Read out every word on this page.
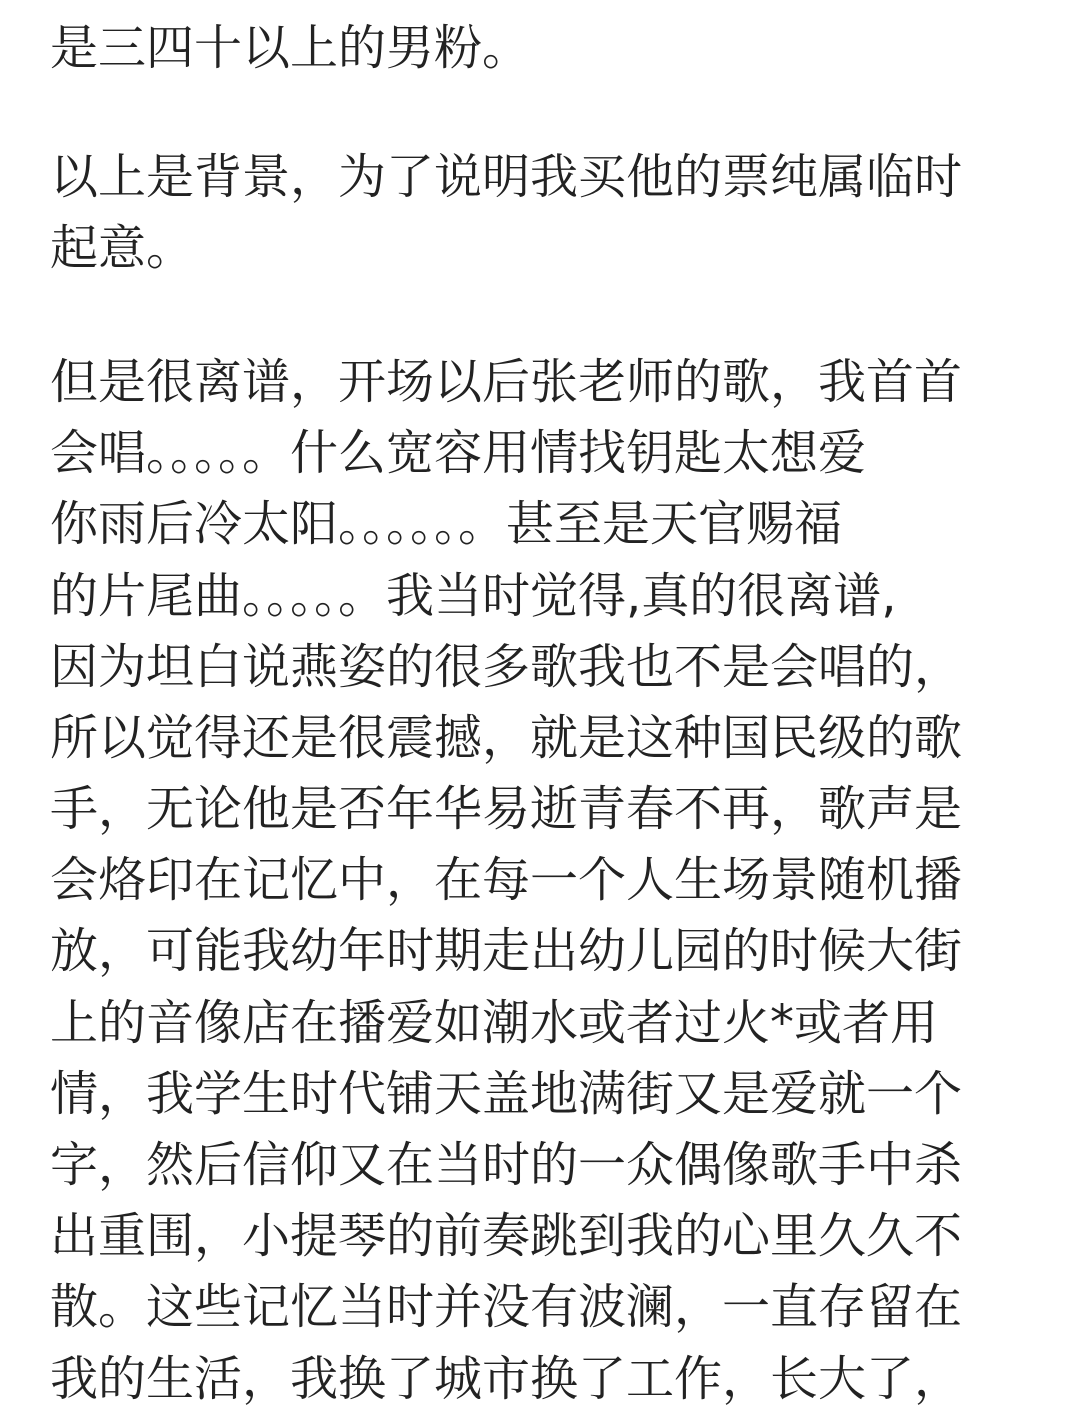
是三四十以上的男粉。
以上是背景，为了说明我买他的票纯属临时
起意。
但是很离谱，开场以后张老师的歌，我首首
会唱。。。。。什么宽容用情找钥匙太想爱
你雨后冷太阳。。。。。。甚至是天官赐福
的片尾曲。。。。。我当时觉得,真的很离谱,
因为坦白说燕姿的很多歌我也不是会唱的，
所以觉得还是很震撼，就是这种国民级的歌
手，无论他是否年华易逝青春不再，歌声是
会烙印在记忆中，在每一个人生场景随机播
放，可能我幼年时期走出幼儿园的时候大街
上的音像店在播爱如潮水或者过火*或者用
情，我学生时代铺天盖地满街又是爱就一个
字，然后信仰又在当时的一众偶像歌手中杀
出重围，小提琴的前奏跳到我的心里久久不
散。这些记忆当时并没有波澜，一直存留在
我的生活，我换了城市换了工作，长大了，
